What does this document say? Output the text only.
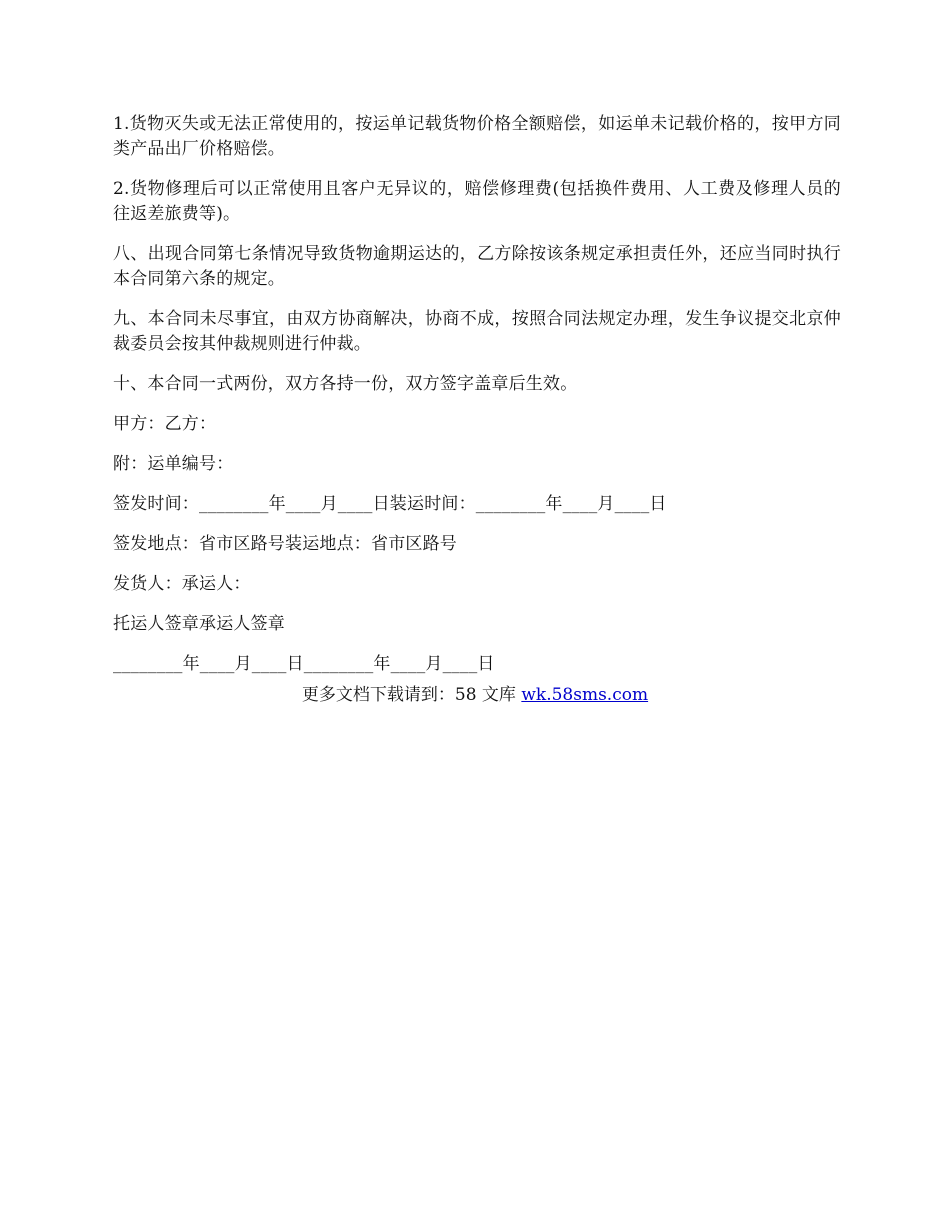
1.货物灭失或无法正常使用的，按运单记载货物价格全额赔偿，如运单未记载价格的，按甲方同类产品出厂价格赔偿。

2.货物修理后可以正常使用且客户无异议的，赔偿修理费(包括换件费用、人工费及修理人员的往返差旅费等)。

八、出现合同第七条情况导致货物逾期运达的，乙方除按该条规定承担责任外，还应当同时执行本合同第六条的规定。

九、本合同未尽事宜，由双方协商解决，协商不成，按照合同法规定办理，发生争议提交北京仲裁委员会按其仲裁规则进行仲裁。

十、本合同一式两份，双方各持一份，双方签字盖章后生效。

甲方：乙方：

附：运单编号：

签发时间：________年____月____日装运时间：________年____月____日

签发地点：省市区路号装运地点：省市区路号

发货人：承运人：

托运人签章承运人签章

________年____月____日________年____月____日

更多文档下载请到：58 文库 wk.58sms.com
